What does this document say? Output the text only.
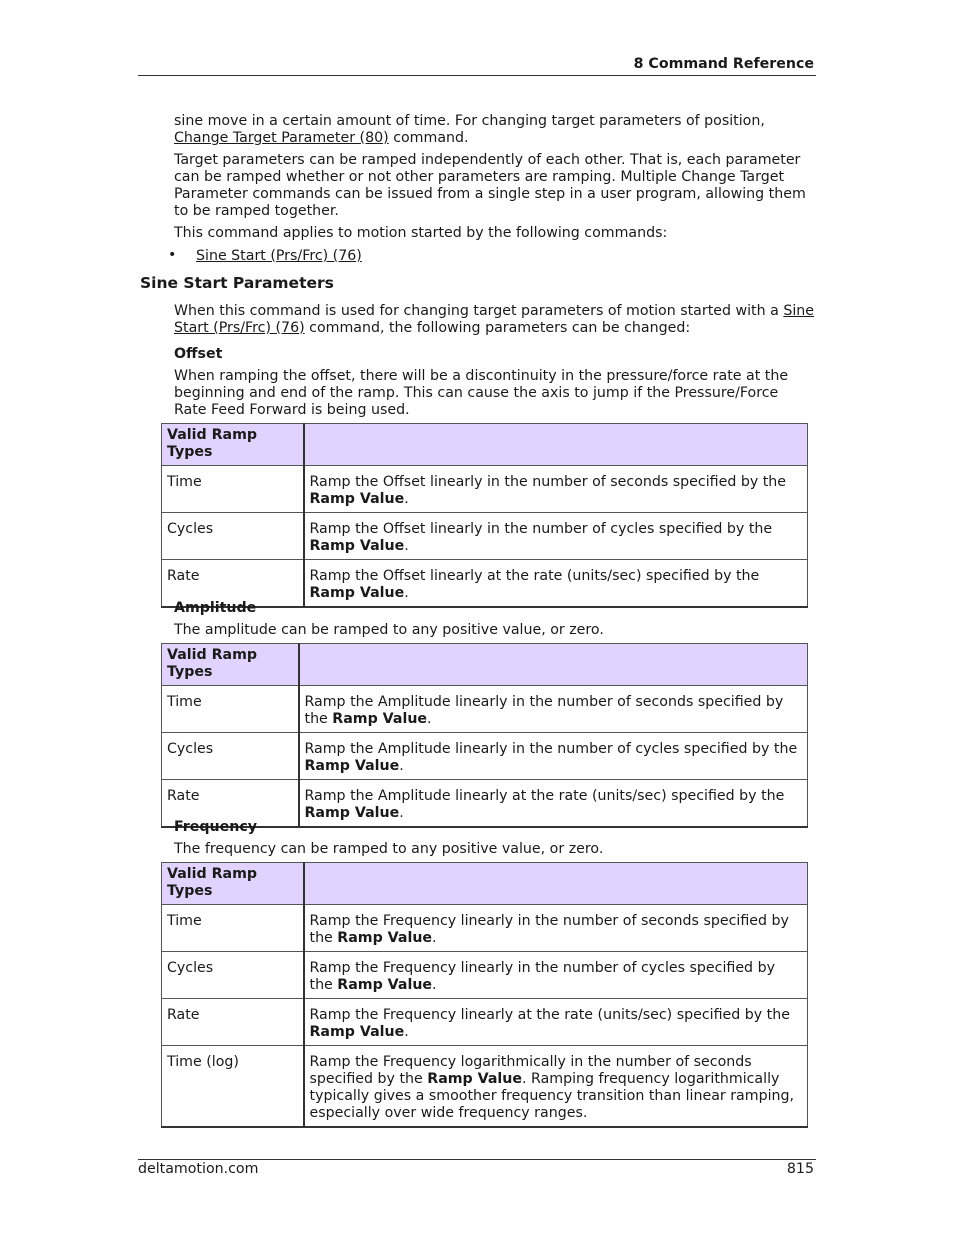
8 Command Reference

sine move in a certain amount of time. For changing target parameters of position,
Change Target Parameter (80) command.

Target parameters can be ramped independently of each other. That is, each parameter can be ramped whether or not other parameters are ramping. Multiple Change Target Parameter commands can be issued from a single step in a user program, allowing them to be ramped together.

This command applies to motion started by the following commands:

• Sine Start (Prs/Frc) (76)
Sine Start Parameters

When this command is used for changing target parameters of motion started with a Sine Start (Prs/Frc) (76) command, the following parameters can be changed:

Offset

When ramping the offset, there will be a discontinuity in the pressure/force rate at the beginning and end of the ramp. This can cause the axis to jump if the Pressure/Force Rate Feed Forward is being used.

Valid Ramp Types	
Time	Ramp the Offset linearly in the number of seconds specified by the Ramp Value.
Cycles	Ramp the Offset linearly in the number of cycles specified by the Ramp Value.
Rate	Ramp the Offset linearly at the rate (units/sec) specified by the Ramp Value.
Amplitude

The amplitude can be ramped to any positive value, or zero.

Valid Ramp Types	
Time	Ramp the Amplitude linearly in the number of seconds specified by the Ramp Value.
Cycles	Ramp the Amplitude linearly in the number of cycles specified by the Ramp Value.
Rate	Ramp the Amplitude linearly at the rate (units/sec) specified by the Ramp Value.
Frequency

The frequency can be ramped to any positive value, or zero.

Valid Ramp Types	
Time	Ramp the Frequency linearly in the number of seconds specified by the Ramp Value.
Cycles	Ramp the Frequency linearly in the number of cycles specified by the Ramp Value.
Rate	Ramp the Frequency linearly at the rate (units/sec) specified by the Ramp Value.
Time (log)	Ramp the Frequency logarithmically in the number of seconds specified by the Ramp Value. Ramping frequency logarithmically typically gives a smoother frequency transition than linear ramping, especially over wide frequency ranges.
deltamotion.com	815
